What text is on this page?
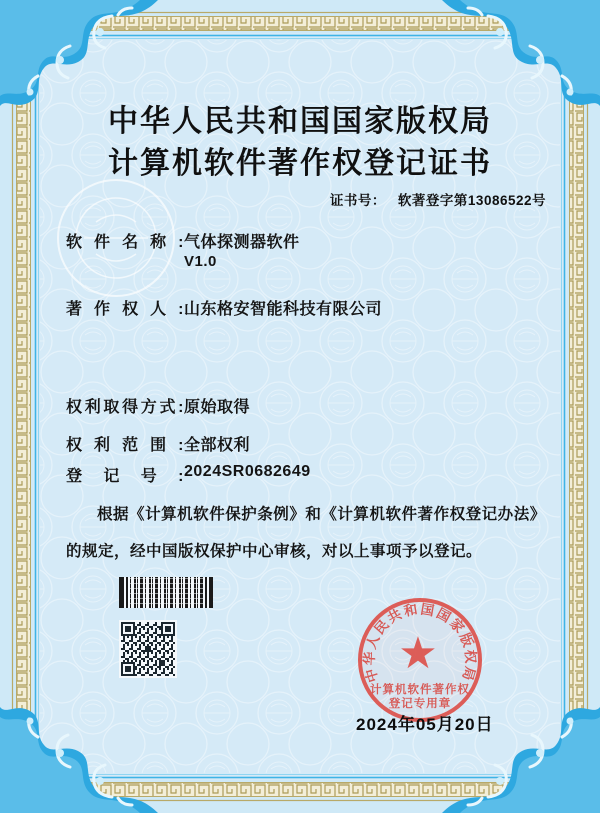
中华人民共和国国家版权局
计算机软件著作权登记证书
证书号： 软著登字第13086522号
软件名称: 气体探测器软件
V1.0
著作权人: 山东格安智能科技有限公司
权利取得方式: 原始取得
权利范围: 全部权利
登记号: 2024SR0682649

根据《计算机软件保护条例》和《计算机软件著作权登记办法》的规定，经中国版权保护中心审核，对以上事项予以登记。

中华人民共和国国家版权局
★
计算机软件著作权
登记专用章
2024年05月20日
